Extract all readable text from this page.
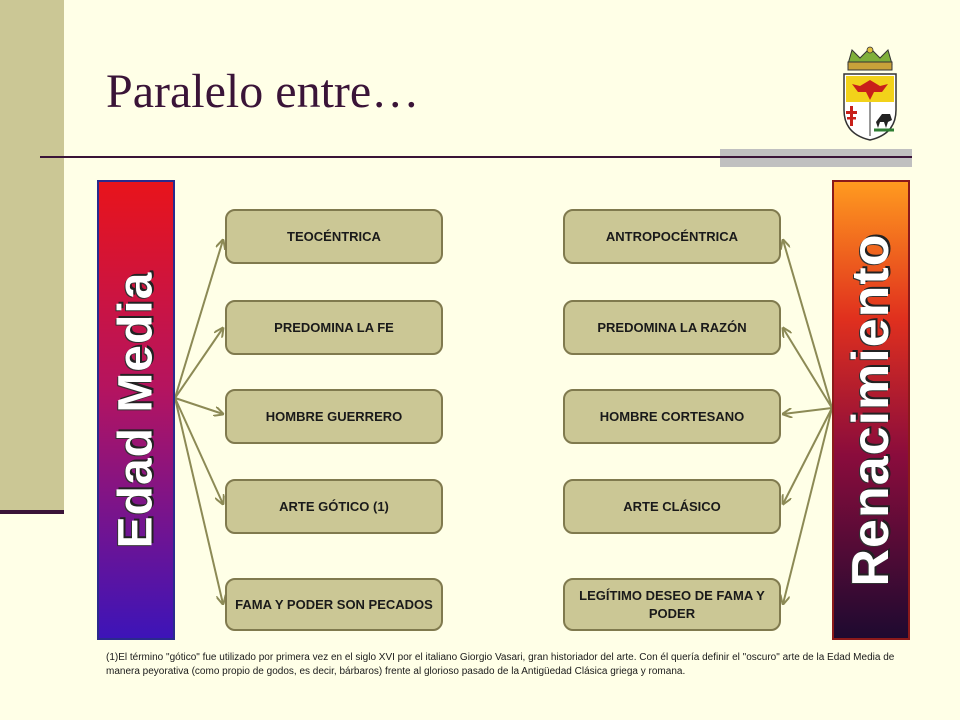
Paralelo entre…
Edad Media	Renacimiento
TEOCÉNTRICA
PREDOMINA LA FE
HOMBRE GUERRERO
ARTE GÓTICO (1)
FAMA Y PODER SON PECADOS
ANTROPOCÉNTRICA
PREDOMINA LA RAZÓN
HOMBRE CORTESANO
ARTE CLÁSICO
LEGÍTIMO DESEO DE FAMA Y PODER
(1)El término "gótico" fue utilizado por primera vez en el siglo XVI por el italiano Giorgio Vasari, gran historiador del arte. Con él quería definir el "oscuro" arte de la Edad Media de manera peyorativa (como propio de godos, es decir, bárbaros) frente al glorioso pasado de la Antigüedad Clásica griega y romana.
